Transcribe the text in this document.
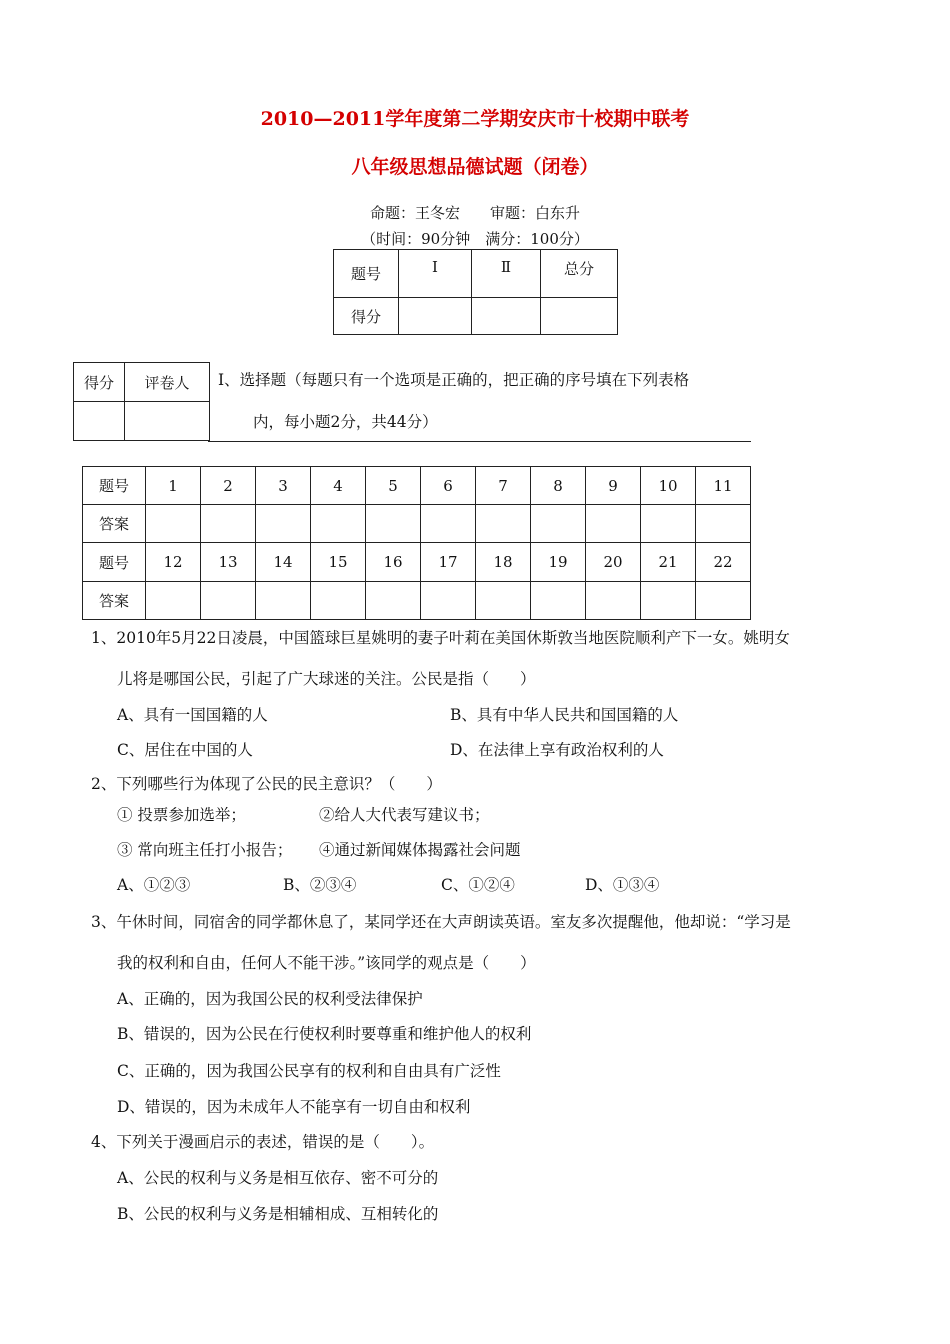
2010—2011学年度第二学期安庆市十校期中联考
八年级思想品德试题（闭卷）
命题：王冬宏　　审题：白东升
（时间：90分钟　满分：100分）
题号	Ⅰ	Ⅱ	总分
得分			
得分	评卷人
	Ⅰ、选择题（每题只有一个选项是正确的，把正确的序号填在下列表格
内，每小题2分，共44分）
题号	1	2	3	4	5	6	7	8	9	10	11
答案											
题号	12	13	14	15	16	17	18	19	20	21	22
答案											
1、2010年5月22日凌晨，中国篮球巨星姚明的妻子叶莉在美国休斯敦当地医院顺利产下一女。姚明女
儿将是哪国公民，引起了广大球迷的关注。公民是指（　　）
A、具有一国国籍的人	B、具有中华人民共和国国籍的人
C、居住在中国的人	D、在法律上享有政治权利的人
2、下列哪些行为体现了公民的民主意识？（　　）
① 投票参加选举；	②给人大代表写建议书；
③ 常向班主任打小报告； ④通过新闻媒体揭露社会问题
A、①②③	B、②③④	C、①②④	D、①③④
3、午休时间，同宿舍的同学都休息了，某同学还在大声朗读英语。室友多次提醒他，他却说：“学习是
我的权利和自由，任何人不能干涉。”该同学的观点是（　　）
A、正确的，因为我国公民的权利受法律保护
B、错误的，因为公民在行使权利时要尊重和维护他人的权利
C、正确的，因为我国公民享有的权利和自由具有广泛性
D、错误的，因为未成年人不能享有一切自由和权利
4、下列关于漫画启示的表述，错误的是（　　）。
A、公民的权利与义务是相互依存、密不可分的
B、公民的权利与义务是相辅相成、互相转化的
